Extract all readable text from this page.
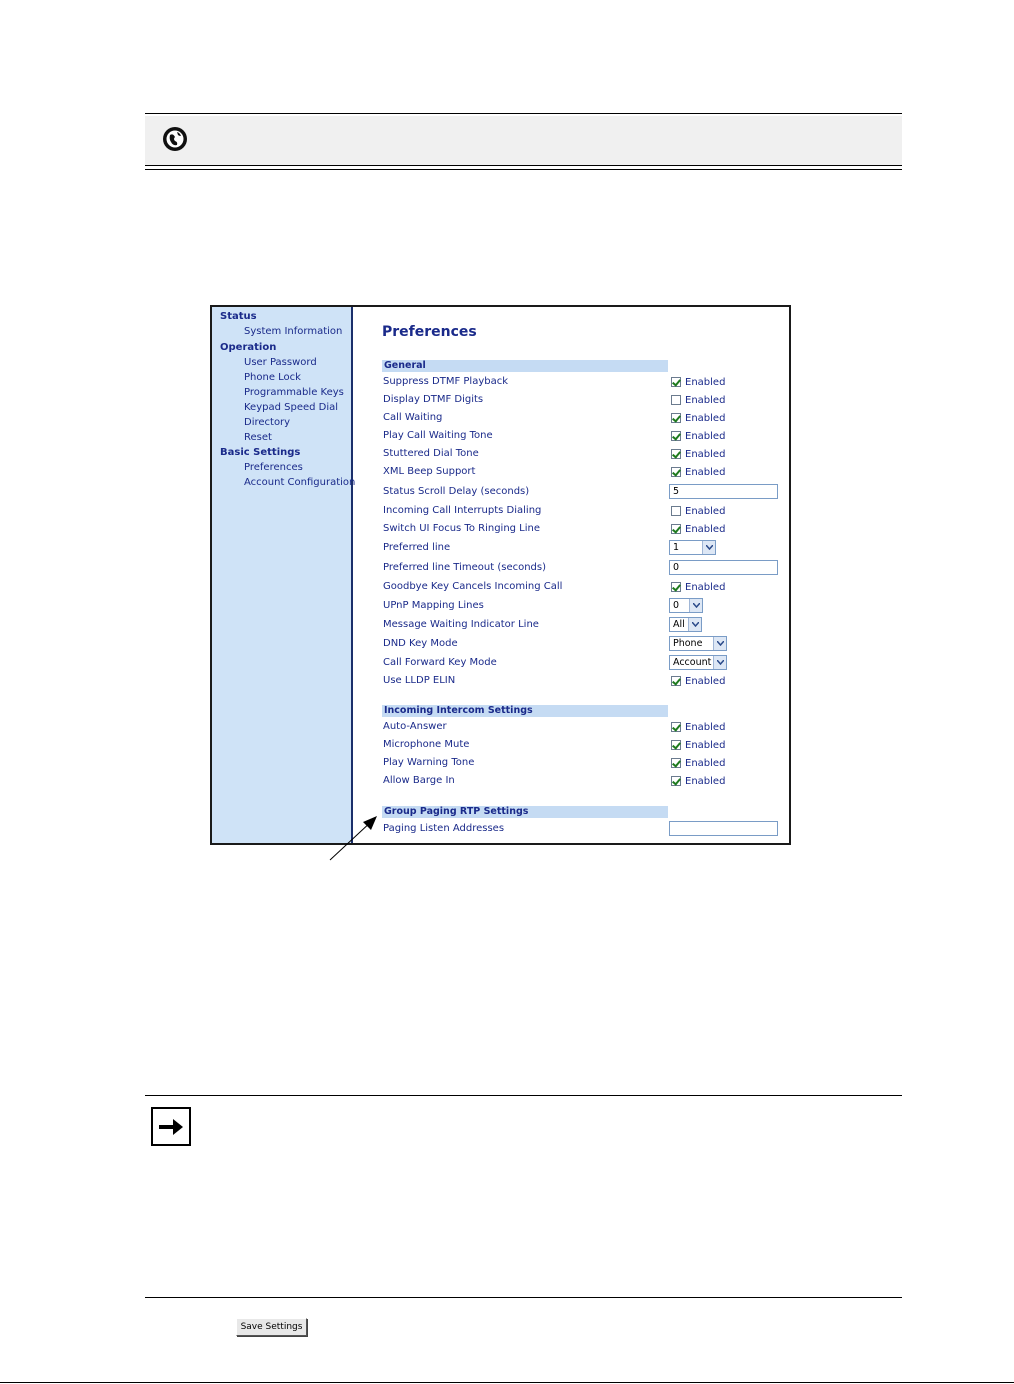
Status
System Information
Operation
User Password
Phone Lock
Programmable Keys
Keypad Speed Dial
Directory
Reset
Basic Settings
Preferences
Account Configuration
Preferences
General
Suppress DTMF Playback	Enabled
Display DTMF Digits	Enabled
Call Waiting	Enabled
Play Call Waiting Tone	Enabled
Stuttered Dial Tone	Enabled
XML Beep Support	Enabled
Status Scroll Delay (seconds)	5
Incoming Call Interrupts Dialing	Enabled
Switch UI Focus To Ringing Line	Enabled
Preferred line	1
Preferred line Timeout (seconds)	0
Goodbye Key Cancels Incoming Call	Enabled
UPnP Mapping Lines	0
Message Waiting Indicator Line	All
DND Key Mode	Phone
Call Forward Key Mode	Account
Use LLDP ELIN	Enabled
Incoming Intercom Settings
Auto-Answer	Enabled
Microphone Mute	Enabled
Play Warning Tone	Enabled
Allow Barge In	Enabled
Group Paging RTP Settings
Paging Listen Addresses
Save Settings
